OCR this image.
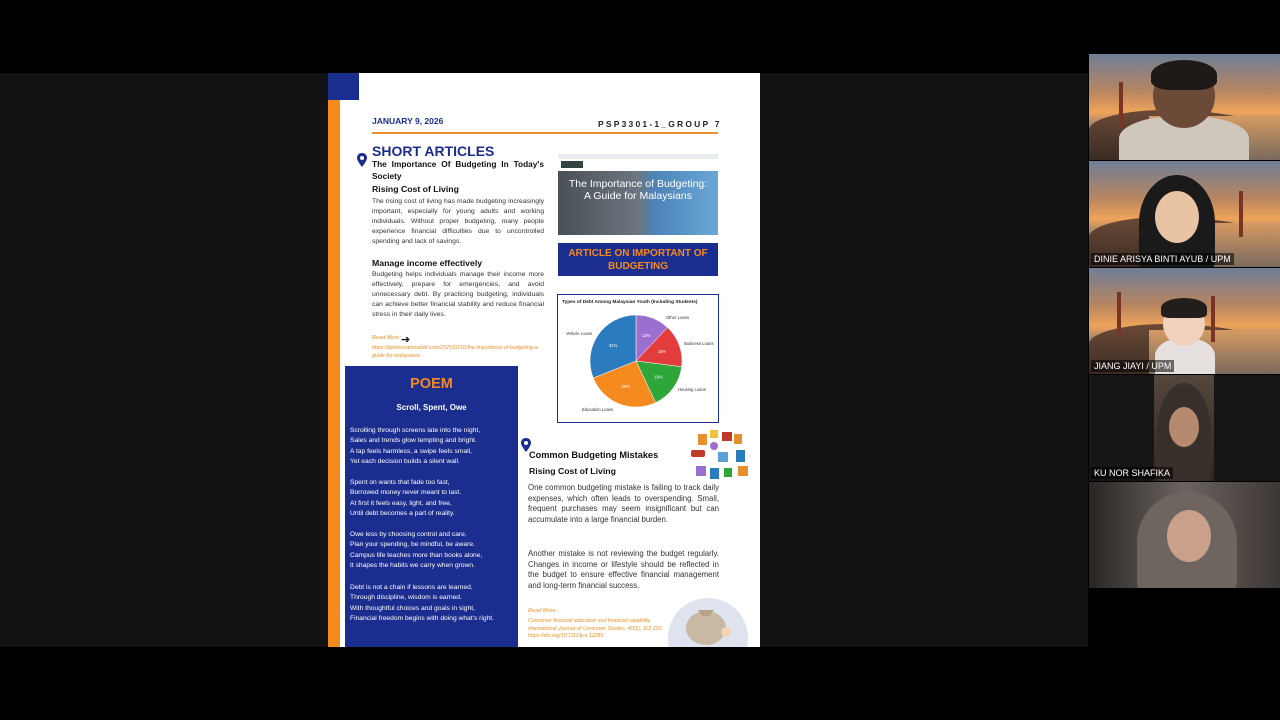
JANUARY 9, 2026	PSP3301-1_GROUP 7
SHORT ARTICLES
The Importance Of Budgeting In Today's Society
Rising Cost of Living
The rising cost of living has made budgeting increasingly important, especially for young adults and working individuals. Without proper budgeting, many people experience financial difficulties due to uncontrolled spending and lack of savings.
Manage income effectively
Budgeting helps individuals manage their income more effectively, prepare for emergencies, and avoid unnecessary debt. By practicing budgeting, individuals can achieve better financial stability and reduce financial stress in their daily lives.
Read More: ➔
https://bpinternationaldd.com/2025/10/10/the-importance-of-budgeting-a-guide-for-malaysians
The Importance of Budgeting: A Guide for Malaysians
ARTICLE ON IMPORTANT OF BUDGETING
Types of Debt Among Malaysian Youth (Including Students)
12%
Other Loans
15%
Business Loans
16%
Housing Loans
26%
Education Loans
31%
Vehicle Loans
POEM
Scroll, Spent, Owe
Scrolling through screens late into the night,
Sales and trends glow tempting and bright.
A tap feels harmless, a swipe feels small,
Yet each decision builds a silent wall.
Spent on wants that fade too fast,
Borrowed money never meant to last.
At first it feels easy, light, and free,
Until debt becomes a part of reality.
Owe less by choosing control and care,
Plan your spending, be mindful, be aware.
Campus life teaches more than books alone,
It shapes the habits we carry when grown.
Debt is not a chain if lessons are learned,
Through discipline, wisdom is earned.
With thoughtful choices and goals in sight,
Financial freedom begins with doing what's right.
Common Budgeting Mistakes
Rising Cost of Living
One common budgeting mistake is failing to track daily expenses, which often leads to overspending. Small, frequent purchases may seem insignificant but can accumulate into a large financial burden.
Another mistake is not reviewing the budget regularly. Changes in income or lifestyle should be reflected in the budget to ensure effective financial management and long-term financial success.
Read More :
Consumer financial education and financial capability. International Journal of Consumer Studies, 40(1), 112-120. https://doi.org/10.1111/ijcs.12285
DINIE ARISYA BINTI AYUB / UPM
JIANG JIAYI / UPM
KU NOR SHAFIKA
